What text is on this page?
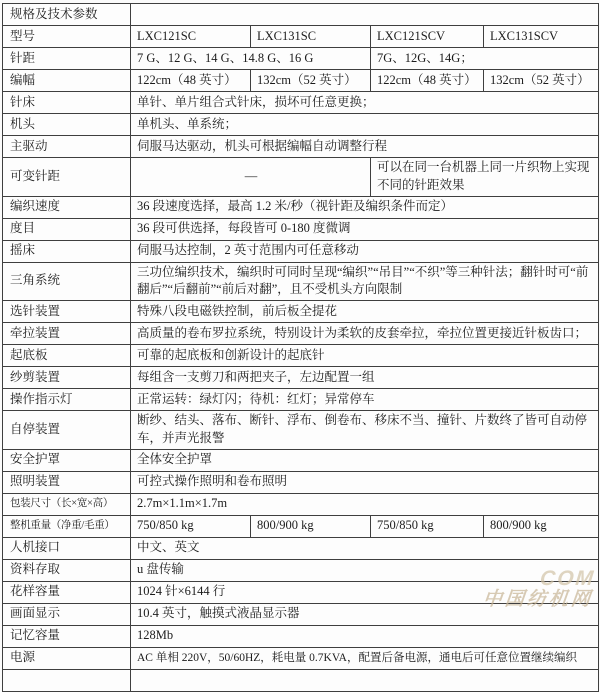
规格及技术参数				
型号	LXC121SC	LXC131SC	LXC121SCV	LXC131SCV
针距	7 G、12 G、14 G、14.8 G、16 G		7G、12G、14G；	
编幅	122cm（48 英寸）	132cm（52 英寸）	122cm（48 英寸）	132cm（52 英寸）
针床	单针、单片组合式针床，损坏可任意更换；			
机头	单机头、单系统；			
主驱动	伺服马达驱动，机头可根据编幅自动调整行程			
可变针距	—		可以在同一台机器上同一片织物上实现不同的针距效果	
编织速度	36 段速度选择，最高 1.2 米/秒（视针距及编织条件而定）			
度目	36 段可供选择，每段皆可 0-180 度微调			
摇床	伺服马达控制，2 英寸范围内可任意移动			
三角系统	三功位编织技术，编织时可同时呈现“编织”“吊目”“不织”等三种针法；翻针时可“前翻后”“后翻前”“前后对翻”，且不受机头方向限制			
选针装置	特殊八段电磁铁控制，前后板全提花			
牵拉装置	高质量的卷布罗拉系统，特别设计为柔软的皮套牵拉，牵拉位置更接近针板齿口；			
起底板	可靠的起底板和创新设计的起底针			
纱剪装置	每组含一支剪刀和两把夹子，左边配置一组			
操作指示灯	正常运转：绿灯闪；待机：红灯；异常停车			
自停装置	断纱、结头、落布、断针、浮布、倒卷布、移床不当、撞针、片数终了皆可自动停车，并声光报警			
安全护罩	全体安全护罩			
照明装置	可控式操作照明和卷布照明			
包装尺寸（长×宽×高）	2.7m×1.1m×1.7m			
整机重量（净重/毛重）	750/850 kg	800/900 kg	750/850 kg	800/900 kg
人机接口	中文、英文			
资料存取	u 盘传输			
花样容量	1024 针×6144 行			
画面显示	10.4 英寸，触摸式液晶显示器			
记忆容量	128Mb			
电源	AC 单相 220V，50/60HZ，耗电量 0.7KVA，配置后备电源，通电后可任意位置继续编织			

COM
中国纺机网
